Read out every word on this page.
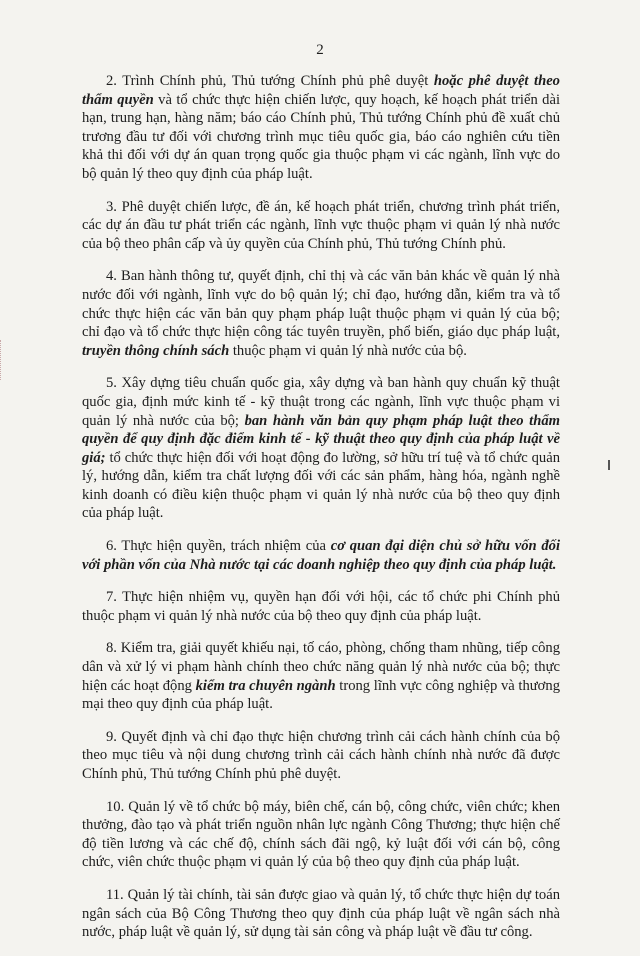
2

2. Trình Chính phủ, Thủ tướng Chính phủ phê duyệt hoặc phê duyệt theo thẩm quyền và tổ chức thực hiện chiến lược, quy hoạch, kế hoạch phát triển dài hạn, trung hạn, hàng năm; báo cáo Chính phủ, Thủ tướng Chính phủ đề xuất chủ trương đầu tư đối với chương trình mục tiêu quốc gia, báo cáo nghiên cứu tiền khả thi đối với dự án quan trọng quốc gia thuộc phạm vi các ngành, lĩnh vực do bộ quản lý theo quy định của pháp luật.

3. Phê duyệt chiến lược, đề án, kế hoạch phát triển, chương trình phát triển, các dự án đầu tư phát triển các ngành, lĩnh vực thuộc phạm vi quản lý nhà nước của bộ theo phân cấp và ủy quyền của Chính phủ, Thủ tướng Chính phủ.

4. Ban hành thông tư, quyết định, chỉ thị và các văn bản khác về quản lý nhà nước đối với ngành, lĩnh vực do bộ quản lý; chỉ đạo, hướng dẫn, kiểm tra và tổ chức thực hiện các văn bản quy phạm pháp luật thuộc phạm vi quản lý của bộ; chỉ đạo và tổ chức thực hiện công tác tuyên truyền, phổ biến, giáo dục pháp luật, truyền thông chính sách thuộc phạm vi quản lý nhà nước của bộ.

5. Xây dựng tiêu chuẩn quốc gia, xây dựng và ban hành quy chuẩn kỹ thuật quốc gia, định mức kinh tế - kỹ thuật trong các ngành, lĩnh vực thuộc phạm vi quản lý nhà nước của bộ; ban hành văn bản quy phạm pháp luật theo thẩm quyền để quy định đặc điểm kinh tế - kỹ thuật theo quy định của pháp luật về giá; tổ chức thực hiện đối với hoạt động đo lường, sở hữu trí tuệ và tổ chức quản lý, hướng dẫn, kiểm tra chất lượng đối với các sản phẩm, hàng hóa, ngành nghề kinh doanh có điều kiện thuộc phạm vi quản lý nhà nước của bộ theo quy định của pháp luật.

6. Thực hiện quyền, trách nhiệm của cơ quan đại diện chủ sở hữu vốn đối với phần vốn của Nhà nước tại các doanh nghiệp theo quy định của pháp luật.

7. Thực hiện nhiệm vụ, quyền hạn đối với hội, các tổ chức phi Chính phủ thuộc phạm vi quản lý nhà nước của bộ theo quy định của pháp luật.

8. Kiểm tra, giải quyết khiếu nại, tố cáo, phòng, chống tham nhũng, tiếp công dân và xử lý vi phạm hành chính theo chức năng quản lý nhà nước của bộ; thực hiện các hoạt động kiểm tra chuyên ngành trong lĩnh vực công nghiệp và thương mại theo quy định của pháp luật.

9. Quyết định và chỉ đạo thực hiện chương trình cải cách hành chính của bộ theo mục tiêu và nội dung chương trình cải cách hành chính nhà nước đã được Chính phủ, Thủ tướng Chính phủ phê duyệt.

10. Quản lý về tổ chức bộ máy, biên chế, cán bộ, công chức, viên chức; khen thưởng, đào tạo và phát triển nguồn nhân lực ngành Công Thương; thực hiện chế độ tiền lương và các chế độ, chính sách đãi ngộ, kỷ luật đối với cán bộ, công chức, viên chức thuộc phạm vi quản lý của bộ theo quy định của pháp luật.

11. Quản lý tài chính, tài sản được giao và quản lý, tổ chức thực hiện dự toán ngân sách của Bộ Công Thương theo quy định của pháp luật về ngân sách nhà nước, pháp luật về quản lý, sử dụng tài sản công và pháp luật về đầu tư công.
